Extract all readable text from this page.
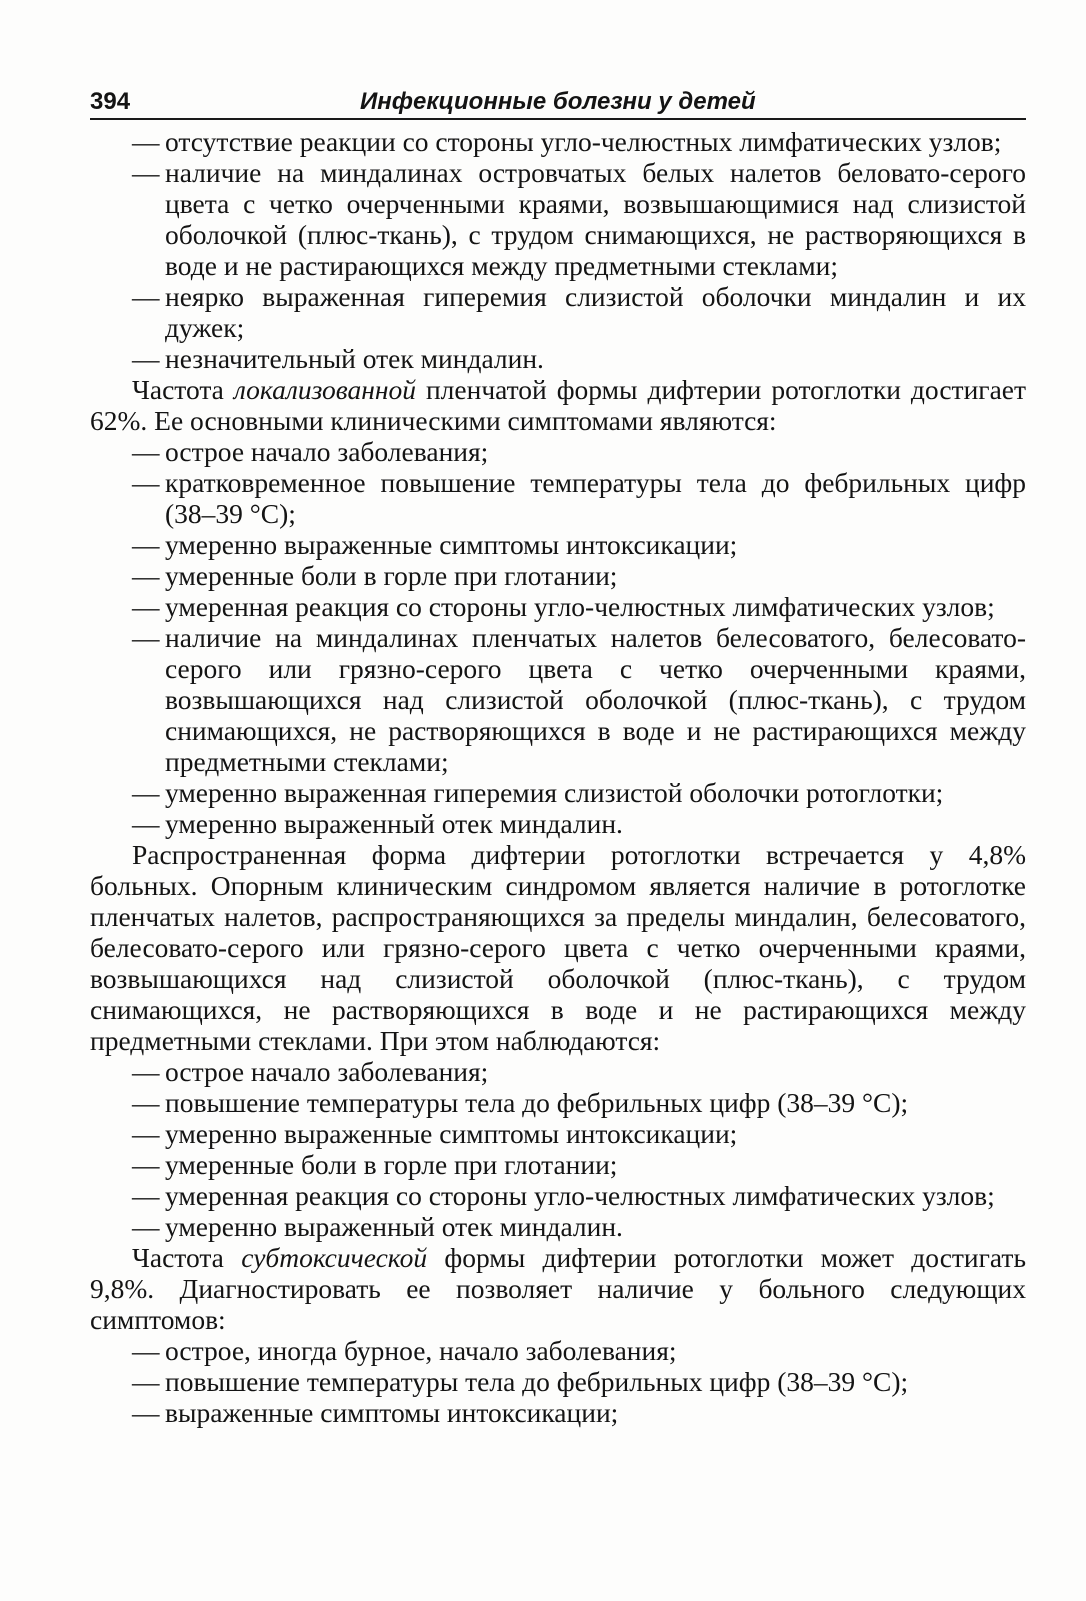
394	Инфекционные болезни у детей

— отсутствие реакции со стороны угло-челюстных лимфатических узлов;

— наличие на миндалинах островчатых белых налетов беловато-серого цвета с четко очерченными краями, возвышающимися над слизистой оболочкой (плюс-ткань), с трудом снимающихся, не растворяющихся в воде и не растирающихся между предметными стеклами;

— неярко выраженная гиперемия слизистой оболочки миндалин и их дужек;

— незначительный отек миндалин.

Частота локализованной пленчатой формы дифтерии ротоглотки достигает 62%. Ее основными клиническими симптомами являются:

— острое начало заболевания;

— кратковременное повышение температуры тела до фебрильных цифр (38–39 °С);

— умеренно выраженные симптомы интоксикации;

— умеренные боли в горле при глотании;

— умеренная реакция со стороны угло-челюстных лимфатических узлов;

— наличие на миндалинах пленчатых налетов белесоватого, белесовато-серого или грязно-серого цвета с четко очерченными краями, возвышающихся над слизистой оболочкой (плюс-ткань), с трудом снимающихся, не растворяющихся в воде и не растирающихся между предметными стеклами;

— умеренно выраженная гиперемия слизистой оболочки ротоглотки;

— умеренно выраженный отек миндалин.

Распространенная форма дифтерии ротоглотки встречается у 4,8% больных. Опорным клиническим синдромом является наличие в ротоглотке пленчатых налетов, распространяющихся за пределы миндалин, белесоватого, белесовато-серого или грязно-серого цвета с четко очерченными краями, возвышающихся над слизистой оболочкой (плюс-ткань), с трудом снимающихся, не растворяющихся в воде и не растирающихся между предметными стеклами. При этом наблюдаются:

— острое начало заболевания;

— повышение температуры тела до фебрильных цифр (38–39 °С);

— умеренно выраженные симптомы интоксикации;

— умеренные боли в горле при глотании;

— умеренная реакция со стороны угло-челюстных лимфатических узлов;

— умеренно выраженный отек миндалин.

Частота субтоксической формы дифтерии ротоглотки может достигать 9,8%. Диагностировать ее позволяет наличие у больного следующих симптомов:

— острое, иногда бурное, начало заболевания;

— повышение температуры тела до фебрильных цифр (38–39 °С);

— выраженные симптомы интоксикации;
